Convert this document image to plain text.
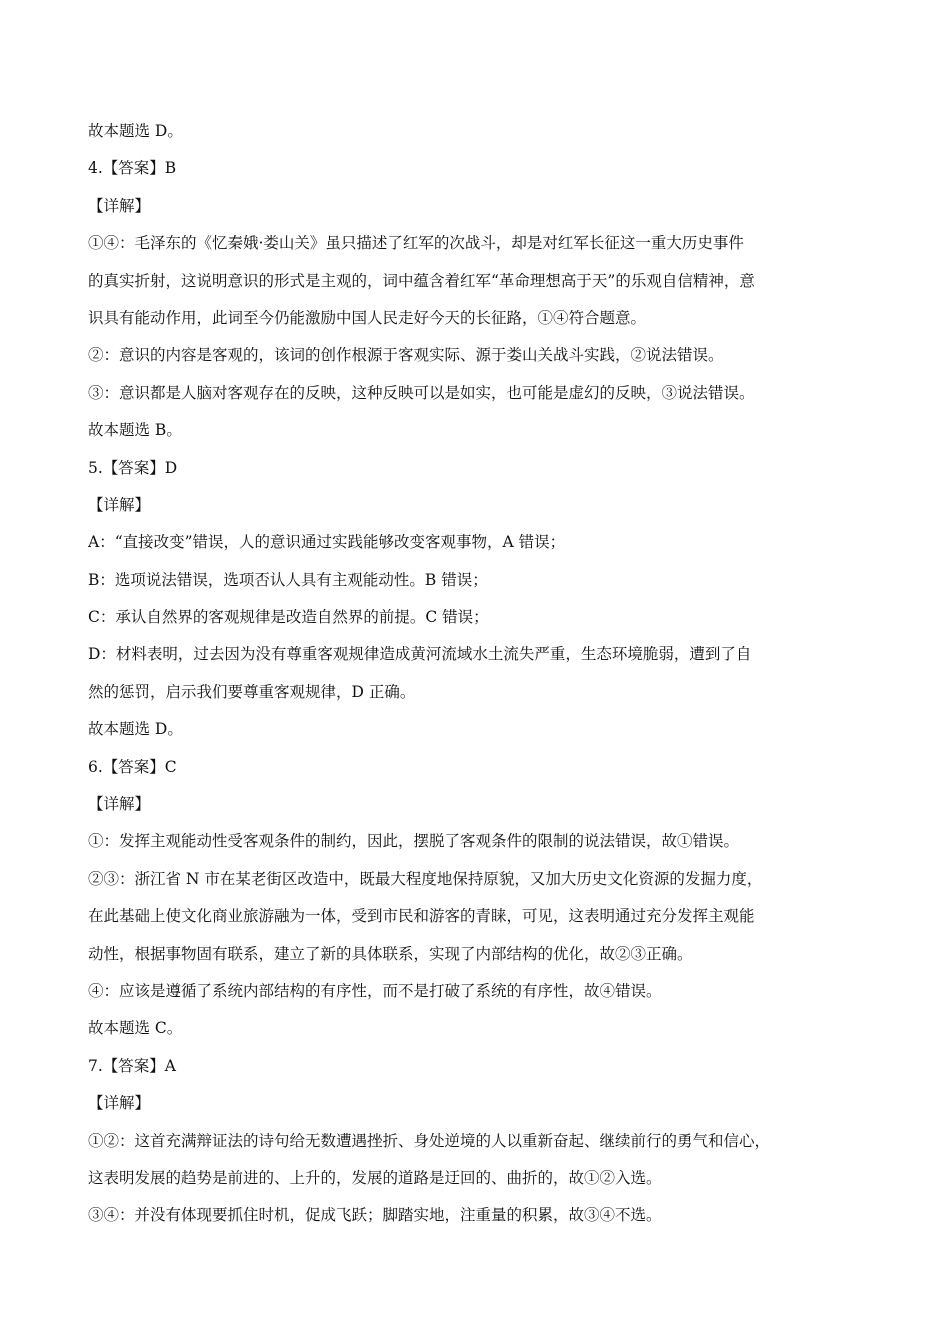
故本题选 D。
4.【答案】B
【详解】
①④：毛泽东的《忆秦娥·娄山关》虽只描述了红军的次战斗，却是对红军长征这一重大历史事件
的真实折射，这说明意识的形式是主观的，词中蕴含着红军“革命理想高于天”的乐观自信精神，意
识具有能动作用，此词至今仍能激励中国人民走好今天的长征路，①④符合题意。
②：意识的内容是客观的，该词的创作根源于客观实际、源于娄山关战斗实践，②说法错误。
③：意识都是人脑对客观存在的反映，这种反映可以是如实，也可能是虚幻的反映，③说法错误。
故本题选 B。
5.【答案】D
【详解】
A：“直接改变”错误，人的意识通过实践能够改变客观事物，A 错误；
B：选项说法错误，选项否认人具有主观能动性。B 错误；
C：承认自然界的客观规律是改造自然界的前提。C 错误；
D：材料表明，过去因为没有尊重客观规律造成黄河流域水土流失严重，生态环境脆弱，遭到了自
然的惩罚，启示我们要尊重客观规律，D 正确。
故本题选 D。
6.【答案】C
【详解】
①：发挥主观能动性受客观条件的制约，因此，摆脱了客观条件的限制的说法错误，故①错误。
②③：浙江省 N 市在某老街区改造中，既最大程度地保持原貌，又加大历史文化资源的发掘力度，
在此基础上使文化商业旅游融为一体，受到市民和游客的青睐，可见，这表明通过充分发挥主观能
动性，根据事物固有联系，建立了新的具体联系，实现了内部结构的优化，故②③正确。
④：应该是遵循了系统内部结构的有序性，而不是打破了系统的有序性，故④错误。
故本题选 C。
7.【答案】A
【详解】
①②：这首充满辩证法的诗句给无数遭遇挫折、身处逆境的人以重新奋起、继续前行的勇气和信心，
这表明发展的趋势是前进的、上升的，发展的道路是迂回的、曲折的，故①②入选。
③④：并没有体现要抓住时机，促成飞跃；脚踏实地，注重量的积累，故③④不选。
